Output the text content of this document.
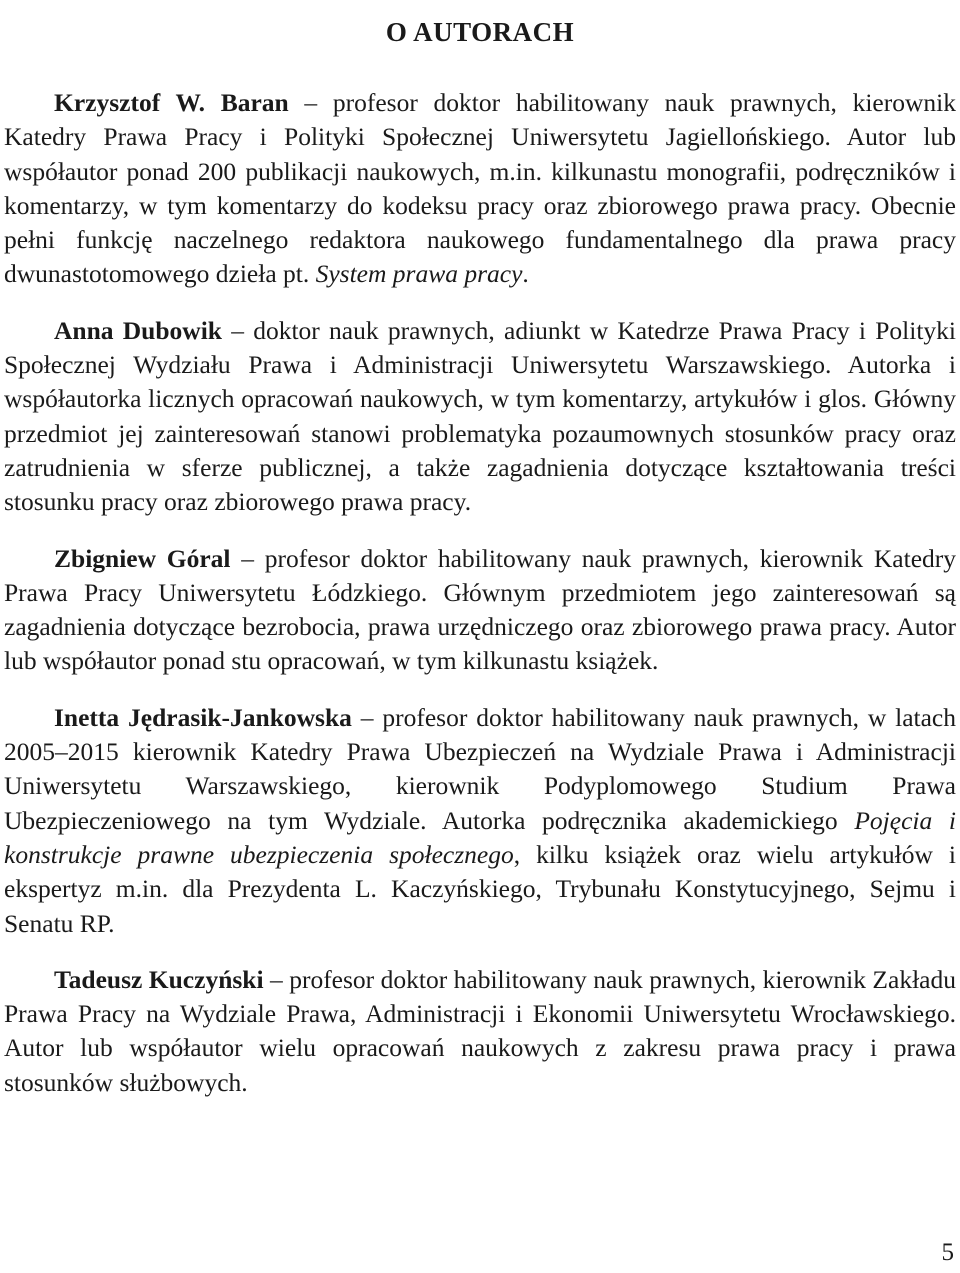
O AUTORACH

Krzysztof W. Baran – profesor doktor habilitowany nauk prawnych, kierownik Katedry Prawa Pracy i Polityki Społecznej Uniwersytetu Jagiellońskiego. Autor lub współautor ponad 200 publikacji naukowych, m.in. kilkunastu monografii, podręczników i komentarzy, w tym komentarzy do kodeksu pracy oraz zbiorowego prawa pracy. Obecnie pełni funkcję naczelnego redaktora naukowego fundamentalnego dla prawa pracy dwunastotomowego dzieła pt. System prawa pracy.

Anna Dubowik – doktor nauk prawnych, adiunkt w Katedrze Prawa Pracy i Polityki Społecznej Wydziału Prawa i Administracji Uniwersytetu Warszawskiego. Autorka i współautorka licznych opracowań naukowych, w tym komentarzy, artykułów i glos. Główny przedmiot jej zainteresowań stanowi problematyka pozaumownych stosunków pracy oraz zatrudnienia w sferze publicznej, a także zagadnienia dotyczące kształtowania treści stosunku pracy oraz zbiorowego prawa pracy.

Zbigniew Góral – profesor doktor habilitowany nauk prawnych, kierownik Katedry Prawa Pracy Uniwersytetu Łódzkiego. Głównym przedmiotem jego zainteresowań są zagadnienia dotyczące bezrobocia, prawa urzędniczego oraz zbiorowego prawa pracy. Autor lub współautor ponad stu opracowań, w tym kilkunastu książek.

Inetta Jędrasik-Jankowska – profesor doktor habilitowany nauk prawnych, w latach 2005–2015 kierownik Katedry Prawa Ubezpieczeń na Wydziale Prawa i Administracji Uniwersytetu Warszawskiego, kierownik Podyplomowego Studium Prawa Ubezpieczeniowego na tym Wydziale. Autorka podręcznika akademickiego Pojęcia i konstrukcje prawne ubezpieczenia społecznego, kilku książek oraz wielu artykułów i ekspertyz m.in. dla Prezydenta L. Kaczyńskiego, Trybunału Konstytucyjnego, Sejmu i Senatu RP.

Tadeusz Kuczyński – profesor doktor habilitowany nauk prawnych, kierownik Zakładu Prawa Pracy na Wydziale Prawa, Administracji i Ekonomii Uniwersytetu Wrocławskiego. Autor lub współautor wielu opracowań naukowych z zakresu prawa pracy i prawa stosunków służbowych.

5
